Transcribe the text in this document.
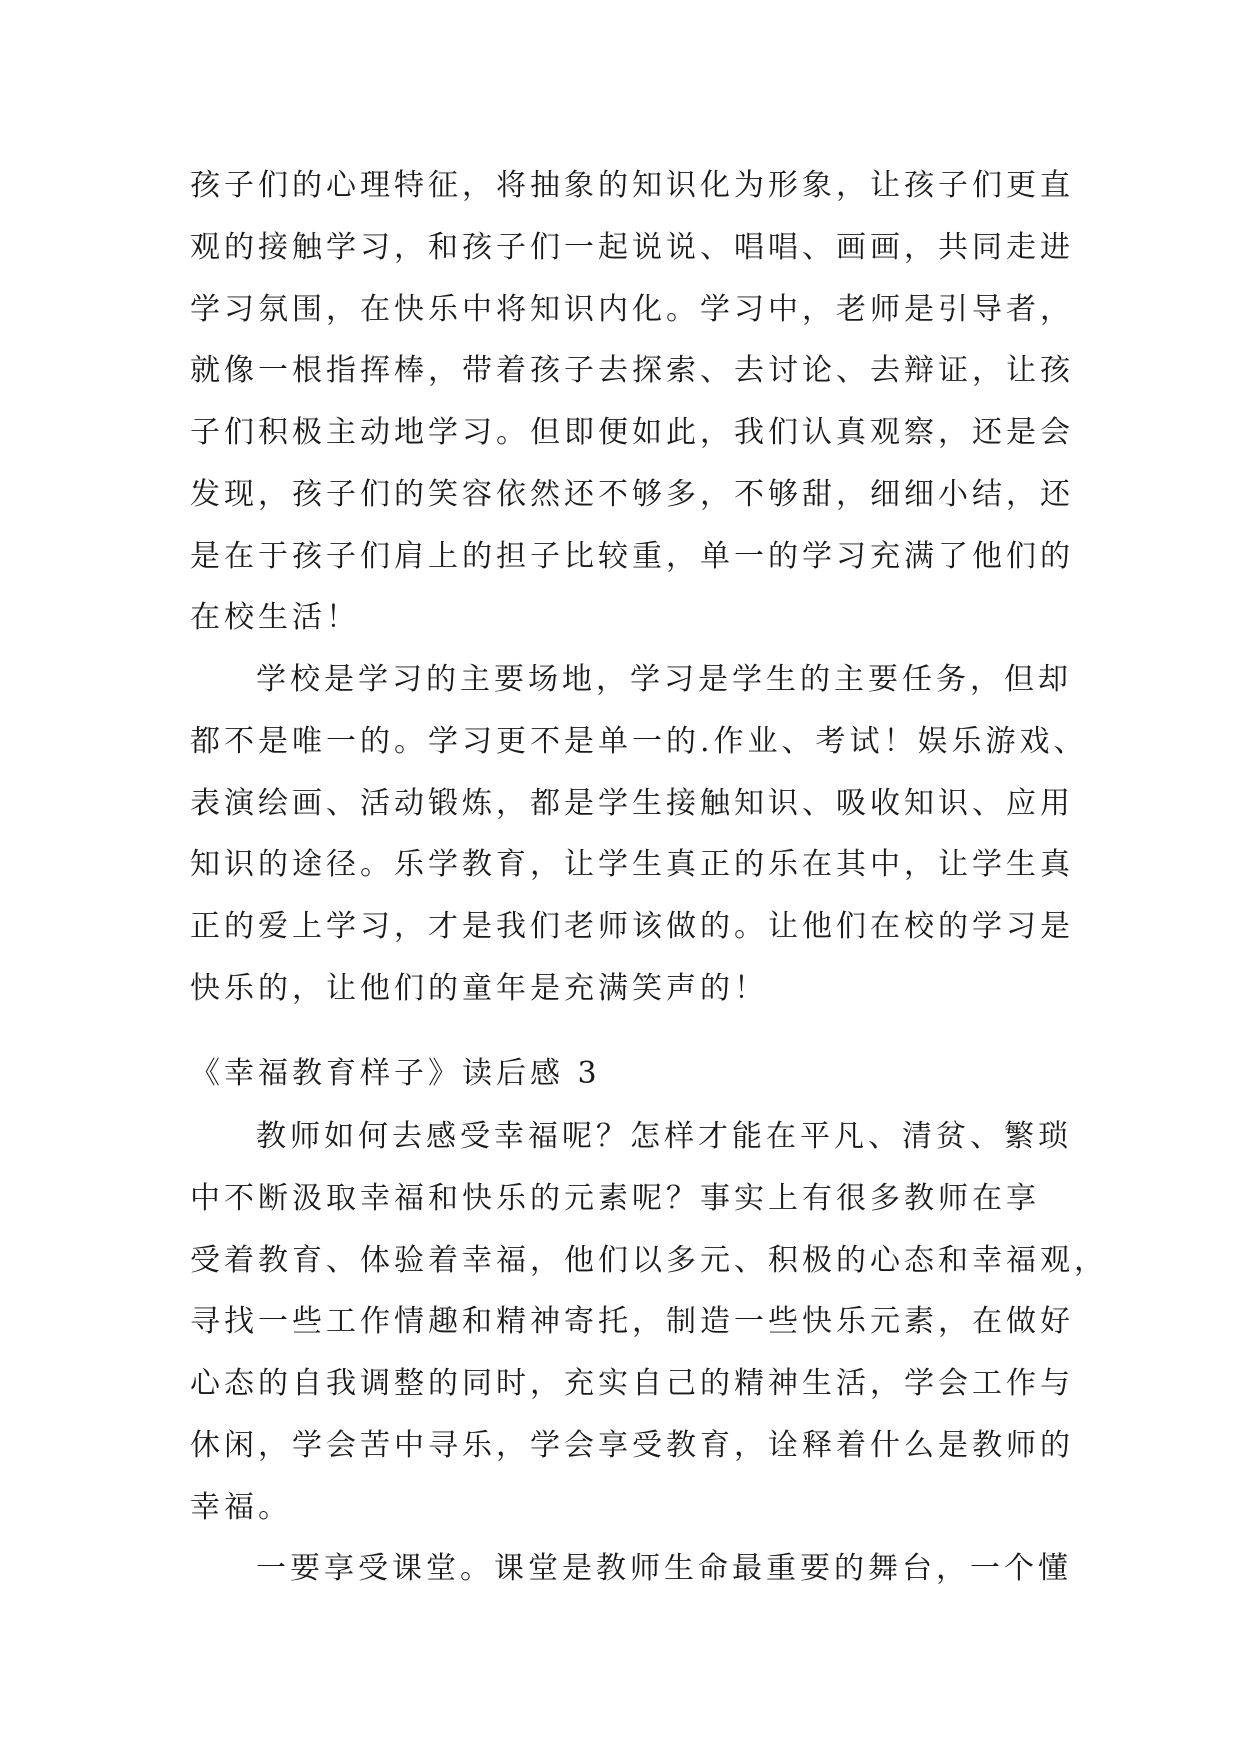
孩子们的心理特征，将抽象的知识化为形象，让孩子们更直
观的接触学习，和孩子们一起说说、唱唱、画画，共同走进
学习氛围，在快乐中将知识内化。学习中，老师是引导者，
就像一根指挥棒，带着孩子去探索、去讨论、去辩证，让孩
子们积极主动地学习。但即便如此，我们认真观察，还是会
发现，孩子们的笑容依然还不够多，不够甜，细细小结，还
是在于孩子们肩上的担子比较重，单一的学习充满了他们的
在校生活！
学校是学习的主要场地，学习是学生的主要任务，但却
都不是唯一的。学习更不是单一的.作业、考试！娱乐游戏、
表演绘画、活动锻炼，都是学生接触知识、吸收知识、应用
知识的途径。乐学教育，让学生真正的乐在其中，让学生真
正的爱上学习，才是我们老师该做的。让他们在校的学习是
快乐的，让他们的童年是充满笑声的！
《幸福教育样子》读后感 3
教师如何去感受幸福呢？怎样才能在平凡、清贫、繁琐
中不断汲取幸福和快乐的元素呢？事实上有很多教师在享
受着教育、体验着幸福，他们以多元、积极的心态和幸福观，
寻找一些工作情趣和精神寄托，制造一些快乐元素，在做好
心态的自我调整的同时，充实自己的精神生活，学会工作与
休闲，学会苦中寻乐，学会享受教育，诠释着什么是教师的
幸福。
一要享受课堂。课堂是教师生命最重要的舞台，一个懂
